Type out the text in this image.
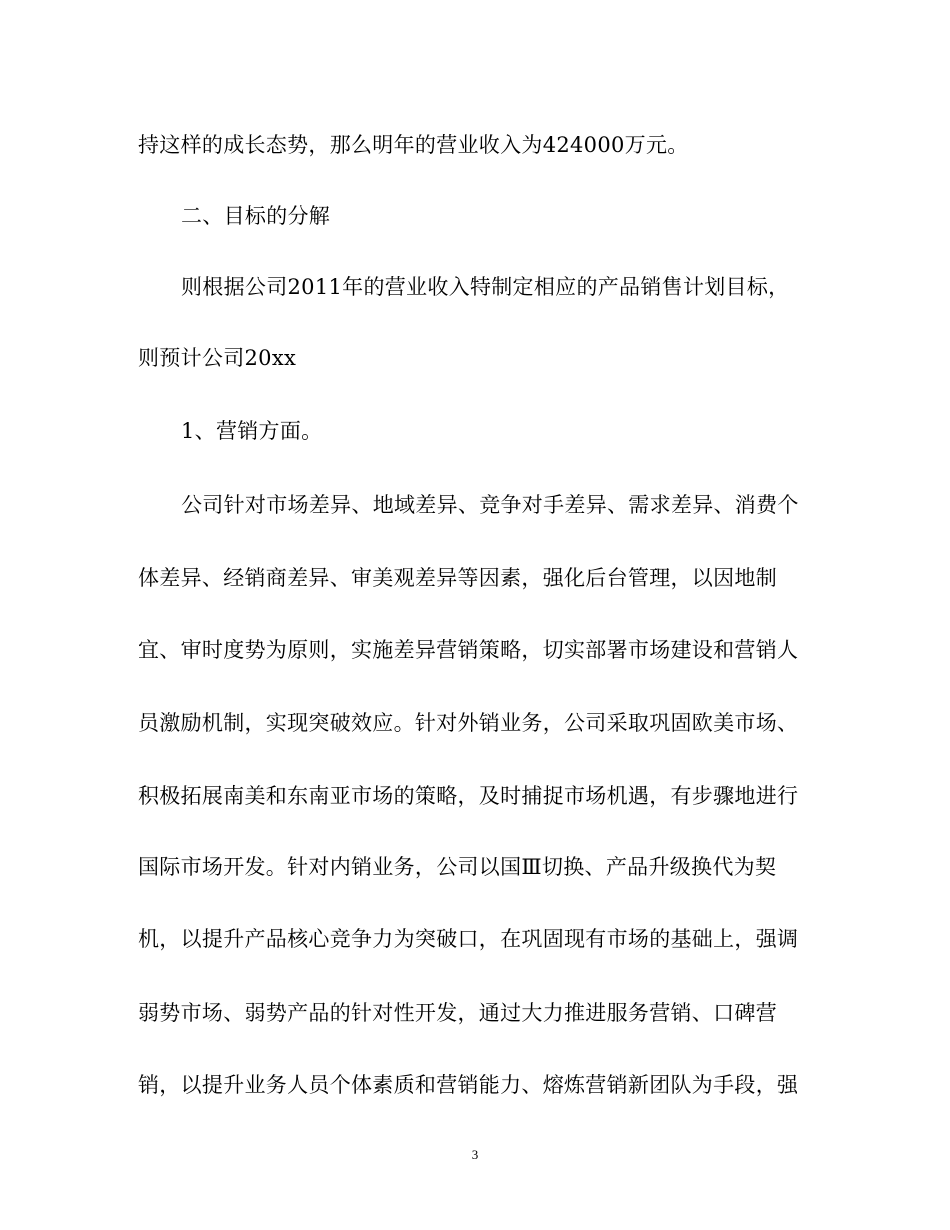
持这样的成长态势，那么明年的营业收入为424000万元。
二、目标的分解
则根据公司2011年的营业收入特制定相应的产品销售计划目标，
则预计公司20xx
1、营销方面。
公司针对市场差异、地域差异、竞争对手差异、需求差异、消费个
体差异、经销商差异、审美观差异等因素，强化后台管理，以因地制
宜、审时度势为原则，实施差异营销策略，切实部署市场建设和营销人
员激励机制，实现突破效应。针对外销业务，公司采取巩固欧美市场、
积极拓展南美和东南亚市场的策略，及时捕捉市场机遇，有步骤地进行
国际市场开发。针对内销业务，公司以国Ⅲ切换、产品升级换代为契
机，以提升产品核心竞争力为突破口，在巩固现有市场的基础上，强调
弱势市场、弱势产品的针对性开发，通过大力推进服务营销、口碑营
销，以提升业务人员个体素质和营销能力、熔炼营销新团队为手段，强
3
